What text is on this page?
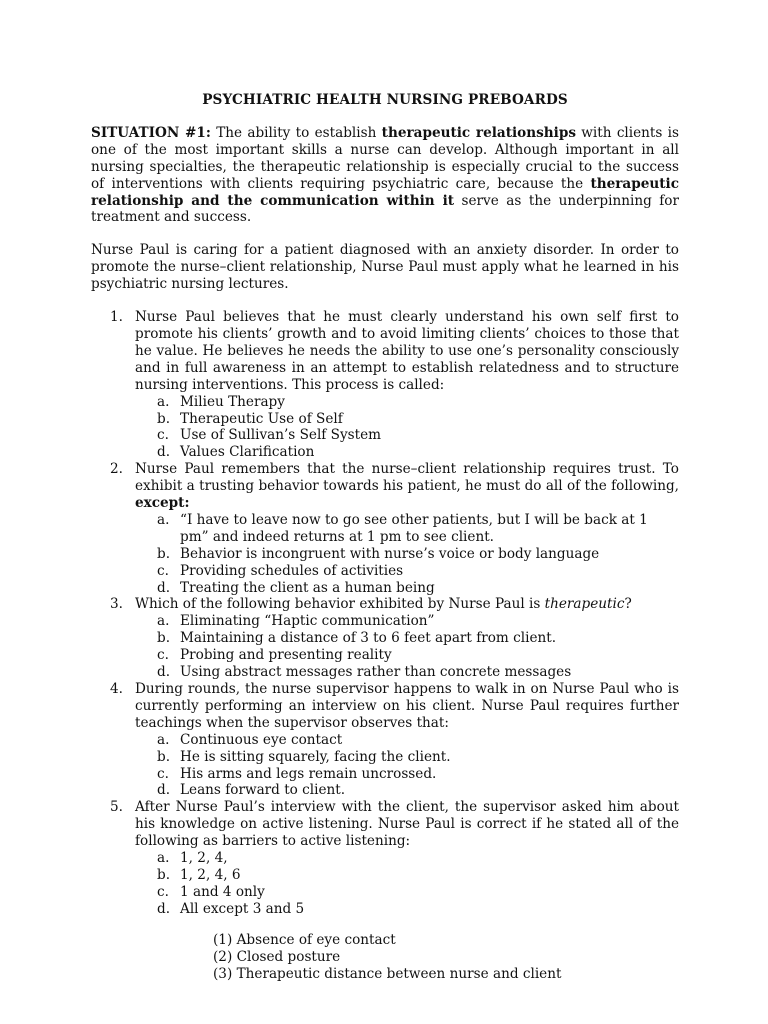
PSYCHIATRIC HEALTH NURSING PREBOARDS

SITUATION #1: The ability to establish therapeutic relationships with clients is one of the most important skills a nurse can develop. Although important in all nursing specialties, the therapeutic relationship is especially crucial to the success of interventions with clients requiring psychiatric care, because the therapeutic relationship and the communication within it serve as the underpinning for treatment and success.

Nurse Paul is caring for a patient diagnosed with an anxiety disorder. In order to promote the nurse–client relationship, Nurse Paul must apply what he learned in his psychiatric nursing lectures.

1. Nurse Paul believes that he must clearly understand his own self first to promote his clients’ growth and to avoid limiting clients’ choices to those that he value. He believes he needs the ability to use one’s personality consciously and in full awareness in an attempt to establish relatedness and to structure nursing interventions. This process is called:

a. Milieu Therapy
b. Therapeutic Use of Self
c. Use of Sullivan’s Self System
d. Values Clarification
2. Nurse Paul remembers that the nurse–client relationship requires trust. To exhibit a trusting behavior towards his patient, he must do all of the following, except:

a. “I have to leave now to go see other patients, but I will be back at 1 pm” and indeed returns at 1 pm to see client.
b. Behavior is incongruent with nurse’s voice or body language
c. Providing schedules of activities
d. Treating the client as a human being
3. Which of the following behavior exhibited by Nurse Paul is therapeutic?

a. Eliminating “Haptic communication”
b. Maintaining a distance of 3 to 6 feet apart from client.
c. Probing and presenting reality
d. Using abstract messages rather than concrete messages
4. During rounds, the nurse supervisor happens to walk in on Nurse Paul who is currently performing an interview on his client. Nurse Paul requires further teachings when the supervisor observes that:

a. Continuous eye contact
b. He is sitting squarely, facing the client.
c. His arms and legs remain uncrossed.
d. Leans forward to client.
5. After Nurse Paul’s interview with the client, the supervisor asked him about his knowledge on active listening. Nurse Paul is correct if he stated all of the following as barriers to active listening:

a. 1, 2, 4,
b. 1, 2, 4, 6
c. 1 and 4 only
d. All except 3 and 5
(1) Absence of eye contact
(2) Closed posture
(3) Therapeutic distance between nurse and client
